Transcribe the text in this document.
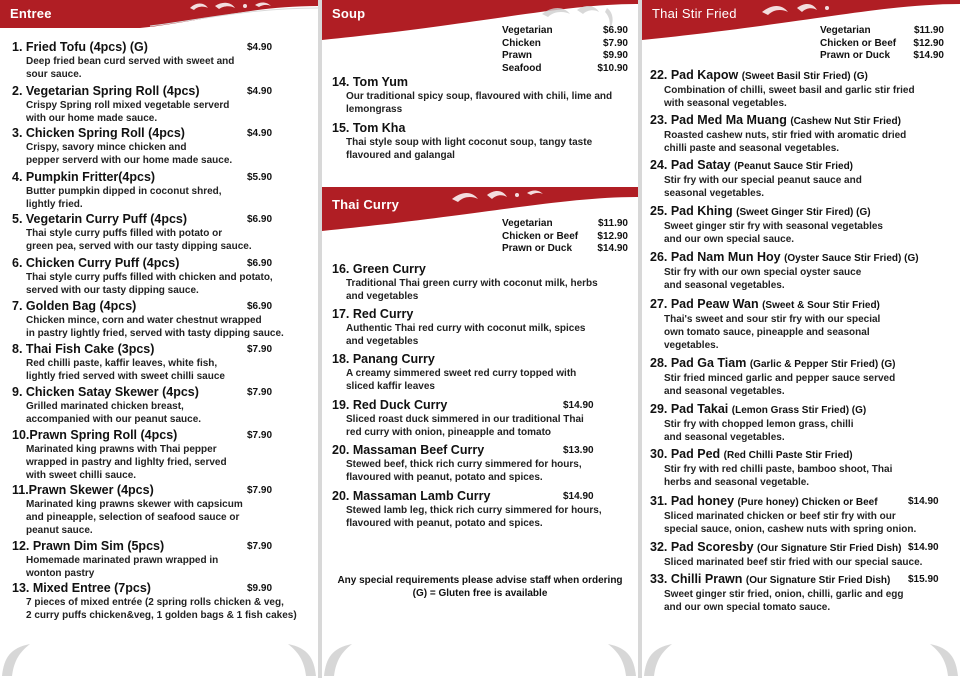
Entree
1. Fried Tofu (4pcs) (G)	$4.90
Deep fried bean curd served with sweet and
sour sauce.
2. Vegetarian Spring Roll (4pcs)	$4.90
Crispy Spring roll mixed vegetable serverd
with our home made sauce.
3. Chicken Spring Roll (4pcs)	$4.90
Crispy, savory mince chicken and
pepper serverd with our home made sauce.
4. Pumpkin Fritter(4pcs)	$5.90
Butter pumpkin dipped in coconut shred,
lightly fried.
5. Vegetarin Curry Puff (4pcs)	$6.90
Thai style curry puffs filled with potato or
green pea, served with our tasty dipping sauce.
6. Chicken Curry Puff (4pcs)	$6.90
Thai style curry puffs filled with chicken and potato,
served with our tasty dipping sauce.
7. Golden Bag (4pcs)	$6.90
Chicken mince, corn and water chestnut wrapped
in pastry lightly fried, served with tasty dipping sauce.
8. Thai Fish Cake (3pcs)	$7.90
Red chilli paste, kaffir leaves, white fish,
lightly fried served with sweet chilli sauce
9. Chicken Satay Skewer (4pcs)	$7.90
Grilled marinated chicken breast,
accompanied with our peanut sauce.
10.Prawn Spring Roll (4pcs)	$7.90
Marinated king prawns with Thai pepper
wrapped in pastry and lighlty fried, served
with sweet chilli sauce.
11.Prawn Skewer (4pcs)	$7.90
Marinated king prawns skewer with capsicum
and pineapple, selection of seafood sauce or
peanut sauce.
12. Prawn Dim Sim (5pcs)	$7.90
Homemade marinated prawn wrapped in
wonton pastry
13. Mixed Entree (7pcs)	$9.90
7 pieces of mixed entrée (2 spring rolls chicken & veg,
2 curry puffs chicken&veg, 1 golden bags & 1 fish cakes)
Soup
Vegetarian	$6.90
Chicken	$7.90
Prawn	$9.90
Seafood	$10.90
14. Tom Yum
Our traditional spicy soup, flavoured with chili, lime and
lemongrass
15. Tom Kha
Thai style soup with light coconut soup, tangy taste
flavoured and galangal
Thai Curry
Vegetarian	$11.90
Chicken or Beef $12.90
Prawn or Duck	$14.90
16. Green Curry
Traditional Thai green curry with coconut milk, herbs
and vegetables
17. Red Curry
Authentic Thai red curry with coconut milk, spices
and vegetables
18. Panang Curry
A creamy simmered sweet red curry topped with
sliced kaffir leaves
19. Red Duck Curry	$14.90
Sliced roast duck simmered in our traditional Thai
red curry with onion, pineapple and tomato
20. Massaman Beef Curry	$13.90
Stewed beef, thick rich curry simmered for hours,
flavoured with peanut, potato and spices.
20. Massaman Lamb Curry	$14.90
Stewed lamb leg, thick rich curry simmered for hours,
flavoured with peanut, potato and spices.
Any special requirements please advise staff when ordering
(G) = Gluten free is available
Thai Stir Fried
Vegetarian	$11.90
Chicken or Beef $12.90
Prawn or Duck $14.90
22. Pad Kapow (Sweet Basil Stir Fried) (G)
Combination of chilli, sweet basil and garlic stir fried
with seasonal vegetables.
23. Pad Med Ma Muang (Cashew Nut Stir Fried)
Roasted cashew nuts, stir fried with aromatic dried
chilli paste and seasonal vegetables.
24. Pad Satay (Peanut Sauce Stir Fried)
Stir fry with our special peanut sauce and
seasonal vegetables.
25. Pad Khing (Sweet Ginger Stir Fired) (G)
Sweet ginger stir fry with seasonal vegetables
and our own special sauce.
26. Pad Nam Mun Hoy (Oyster Sauce Stir Fried) (G)
Stir fry with our own special oyster sauce
and seasonal vegetables.
27. Pad Peaw Wan (Sweet & Sour Stir Fried)
Thai's sweet and sour stir fry with our special
own tomato sauce, pineapple and seasonal
vegetables.
28. Pad Ga Tiam (Garlic & Pepper Stir Fried) (G)
Stir fried minced garlic and pepper sauce served
and seasonal vegetables.
29. Pad Takai (Lemon Grass Stir Fried) (G)
Stir fry with chopped lemon grass, chilli
and seasonal vegetables.
30. Pad Ped (Red Chilli Paste Stir Fried)
Stir fry with red chilli paste, bamboo shoot, Thai
herbs and seasonal vegetable.
31. Pad honey (Pure honey) Chicken or Beef	$14.90
Sliced marinated chicken or beef stir fry with our
special sauce, onion, cashew nuts with spring onion.
32. Pad Scoresby (Our Signature Stir Fried Dish) $14.90
Sliced marinated beef stir fried with our special sauce.
33. Chilli Prawn (Our Signature Stir Fried Dish)	$15.90
Sweet ginger stir fried, onion, chilli, garlic and egg
and our own special tomato sauce.
